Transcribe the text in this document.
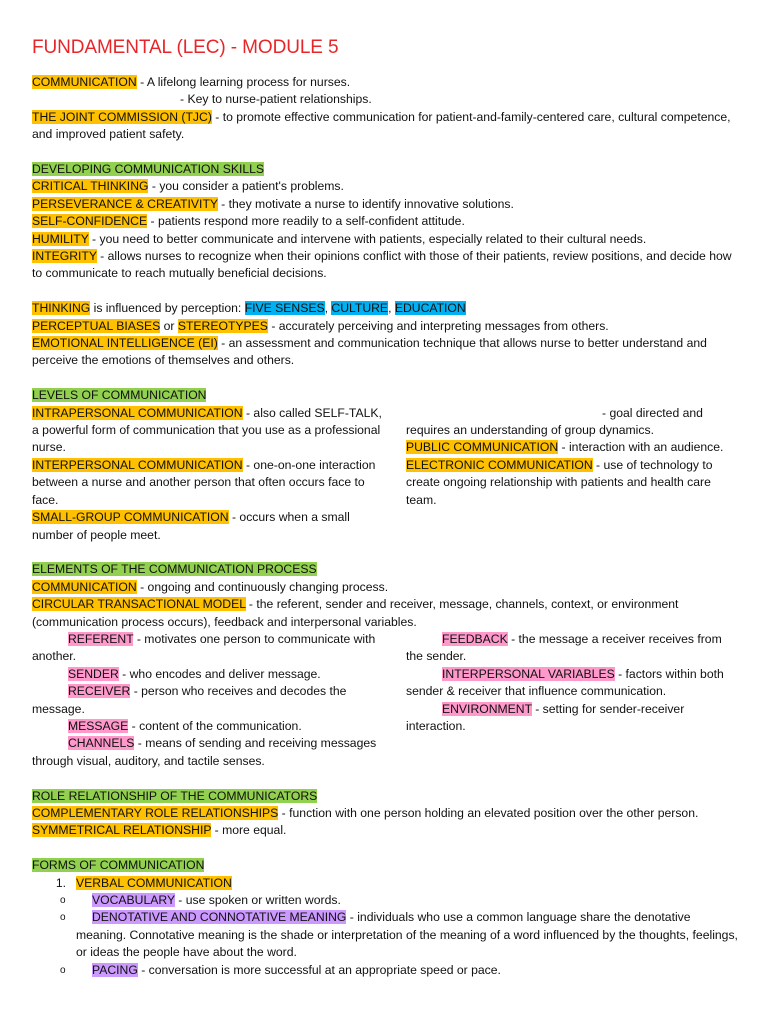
FUNDAMENTAL (LEC) - MODULE 5

COMMUNICATION - A lifelong learning process for nurses.

- Key to nurse-patient relationships.

THE JOINT COMMISSION (TJC) - to promote effective communication for patient-and-family-centered care, cultural competence, and improved patient safety.

DEVELOPING COMMUNICATION SKILLS

CRITICAL THINKING - you consider a patient's problems.

PERSEVERANCE & CREATIVITY - they motivate a nurse to identify innovative solutions.

SELF-CONFIDENCE - patients respond more readily to a self-confident attitude.

HUMILITY - you need to better communicate and intervene with patients, especially related to their cultural needs.

INTEGRITY - allows nurses to recognize when their opinions conflict with those of their patients, review positions, and decide how to communicate to reach mutually beneficial decisions.

THINKING is influenced by perception: FIVE SENSES, CULTURE, EDUCATION

PERCEPTUAL BIASES or STEREOTYPES - accurately perceiving and interpreting messages from others.

EMOTIONAL INTELLIGENCE (EI) - an assessment and communication technique that allows nurse to better understand and perceive the emotions of themselves and others.

LEVELS OF COMMUNICATION

INTRAPERSONAL COMMUNICATION - also called SELF-TALK, a powerful form of communication that you use as a professional nurse.

INTERPERSONAL COMMUNICATION - one-on-one interaction between a nurse and another person that often occurs face to face.

SMALL-GROUP COMMUNICATION - occurs when a small number of people meet.

- goal directed and requires an understanding of group dynamics.

PUBLIC COMMUNICATION - interaction with an audience.

ELECTRONIC COMMUNICATION - use of technology to create ongoing relationship with patients and health care team.

ELEMENTS OF THE COMMUNICATION PROCESS

COMMUNICATION - ongoing and continuously changing process.

CIRCULAR TRANSACTIONAL MODEL - the referent, sender and receiver, message, channels, context, or environment (communication process occurs), feedback and interpersonal variables.

REFERENT - motivates one person to communicate with another.

SENDER - who encodes and deliver message.

RECEIVER - person who receives and decodes the message.

MESSAGE - content of the communication.

CHANNELS - means of sending and receiving messages through visual, auditory, and tactile senses.

FEEDBACK - the message a receiver receives from the sender.

INTERPERSONAL VARIABLES - factors within both sender & receiver that influence communication.

ENVIRONMENT - setting for sender-receiver interaction.

ROLE RELATIONSHIP OF THE COMMUNICATORS

COMPLEMENTARY ROLE RELATIONSHIPS - function with one person holding an elevated position over the other person.

SYMMETRICAL RELATIONSHIP - more equal.

FORMS OF COMMUNICATION

1. VERBAL COMMUNICATION
o	VOCABULARY - use spoken or written words.
o	DENOTATIVE AND CONNOTATIVE MEANING - individuals who use a common language share the denotative meaning. Connotative meaning is the shade or interpretation of the meaning of a word influenced by the thoughts, feelings, or ideas the people have about the word.
o	PACING - conversation is more successful at an appropriate speed or pace.
